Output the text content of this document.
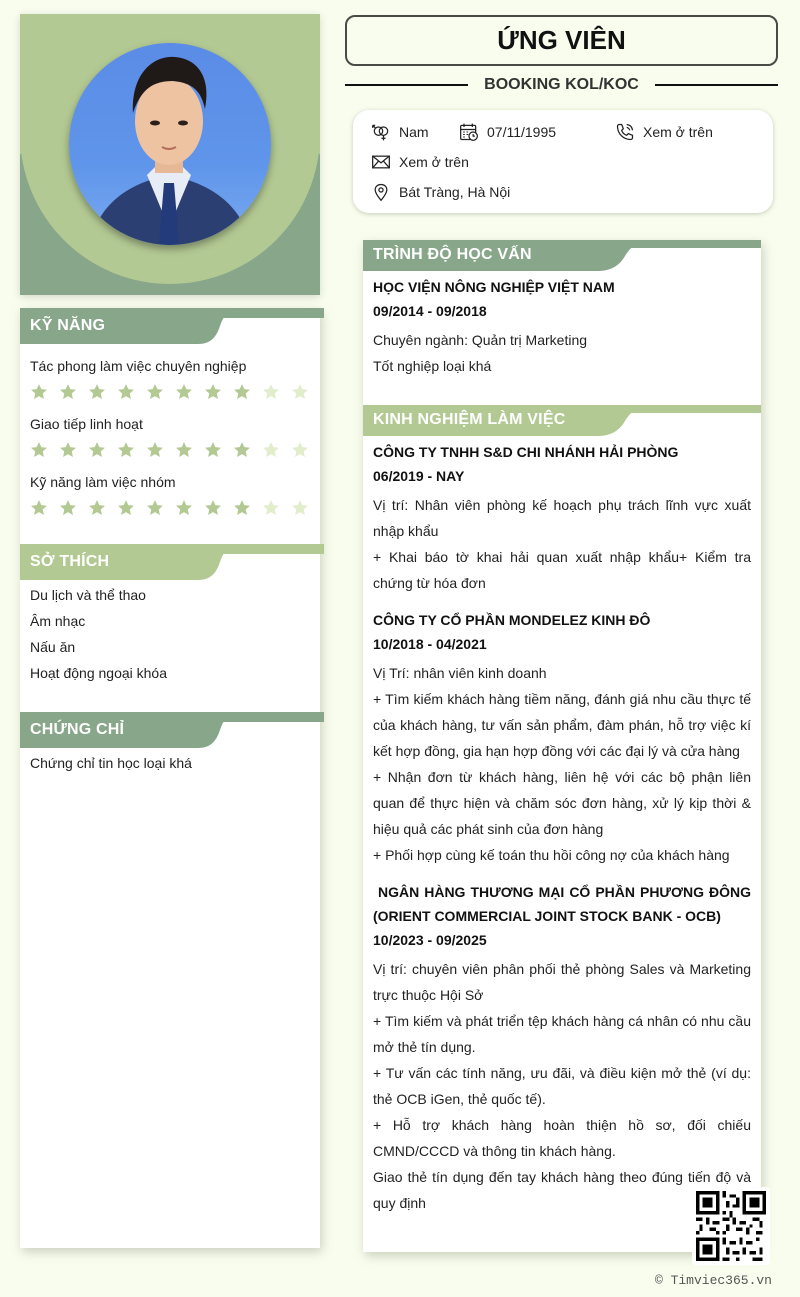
KỸ NĂNG
Tác phong làm việc chuyên nghiệp
Giao tiếp linh hoạt
Kỹ năng làm việc nhóm
SỞ THÍCH
Du lịch và thể thao
Âm nhạc
Nấu ăn
Hoạt động ngoại khóa
CHỨNG CHỈ
Chứng chỉ tin học loại khá
ỨNG VIÊN
BOOKING KOL/KOC
Nam	07/11/1995	Xem ở trên
Xem ở trên
Bát Tràng, Hà Nội
TRÌNH ĐỘ HỌC VẤN
HỌC VIỆN NÔNG NGHIỆP VIỆT NAM
09/2014 - 09/2018
Chuyên ngành: Quản trị Marketing
Tốt nghiệp loại khá
KINH NGHIỆM LÀM VIỆC
CÔNG TY TNHH S&D CHI NHÁNH HẢI PHÒNG
06/2019 - NAY
Vị trí: Nhân viên phòng kế hoạch phụ trách lĩnh vực xuất nhập khẩu
+ Khai báo tờ khai hải quan xuất nhập khẩu+ Kiểm tra chứng từ hóa đơn
CÔNG TY CỔ PHẦN MONDELEZ KINH ĐÔ
10/2018 - 04/2021
Vị Trí: nhân viên kinh doanh
+ Tìm kiếm khách hàng tiềm năng, đánh giá nhu cầu thực tế của khách hàng, tư vấn sản phẩm, đàm phán, hỗ trợ việc kí kết hợp đồng, gia hạn hợp đồng với các đại lý và cửa hàng
+ Nhận đơn từ khách hàng, liên hệ với các bộ phận liên quan để thực hiện và chăm sóc đơn hàng, xử lý kịp thời & hiệu quả các phát sinh của đơn hàng
+ Phối hợp cùng kế toán thu hồi công nợ của khách hàng
NGÂN HÀNG THƯƠNG MẠI CỔ PHẦN PHƯƠNG ĐÔNG (ORIENT COMMERCIAL JOINT STOCK BANK - OCB)
10/2023 - 09/2025
Vị trí: chuyên viên phân phối thẻ phòng Sales và Marketing trực thuộc Hội Sở
+ Tìm kiếm và phát triển tệp khách hàng cá nhân có nhu cầu mở thẻ tín dụng.
+ Tư vấn các tính năng, ưu đãi, và điều kiện mở thẻ (ví dụ: thẻ OCB iGen, thẻ quốc tế).
+ Hỗ trợ khách hàng hoàn thiện hồ sơ, đối chiếu CMND/CCCD và thông tin khách hàng.
Giao thẻ tín dụng đến tay khách hàng theo đúng tiến độ và quy định
© Timviec365.vn
